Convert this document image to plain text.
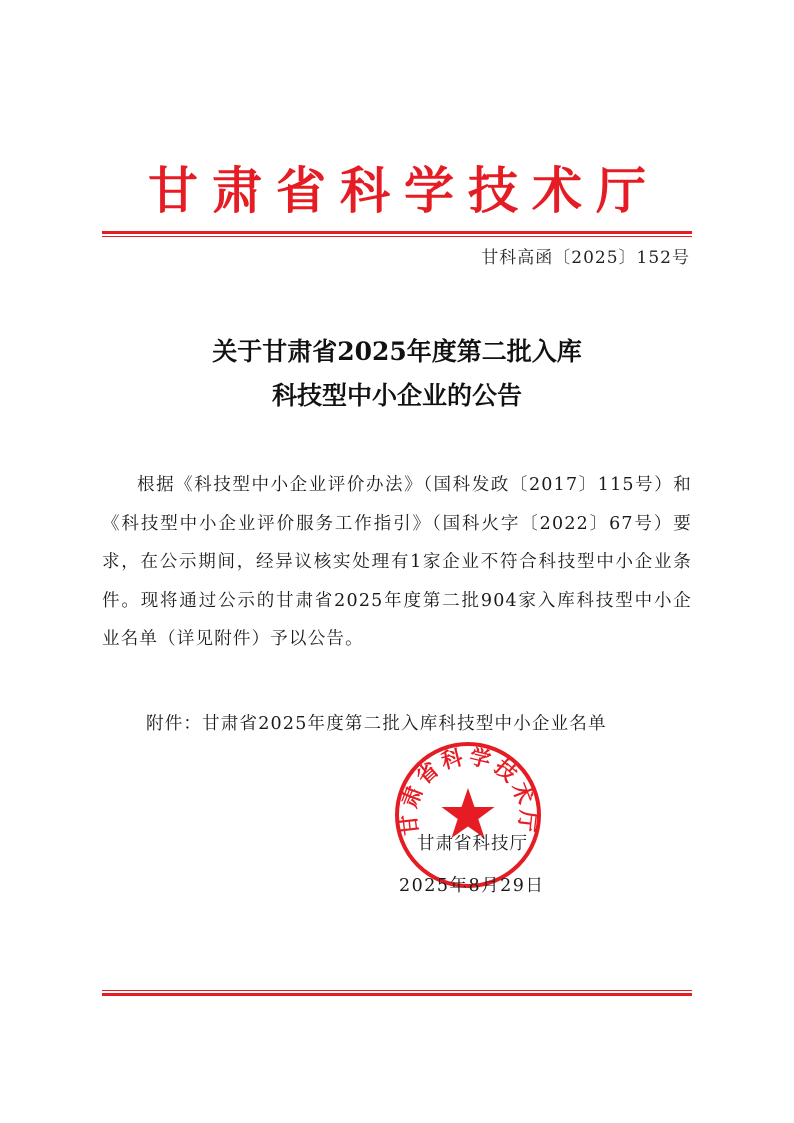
甘肃省科学技术厅
甘科高函〔2025〕152号
关于甘肃省2025年度第二批入库
科技型中小企业的公告
根据《科技型中小企业评价办法》（国科发政〔2017〕115号）和《科技型中小企业评价服务工作指引》（国科火字〔2022〕67号）要求，在公示期间，经异议核实处理有1家企业不符合科技型中小企业条件。现将通过公示的甘肃省2025年度第二批904家入库科技型中小企业名单（详见附件）予以公告。
附件：甘肃省2025年度第二批入库科技型中小企业名单
甘肃省科学技术厅
甘肃省科技厅
2025年8月29日
